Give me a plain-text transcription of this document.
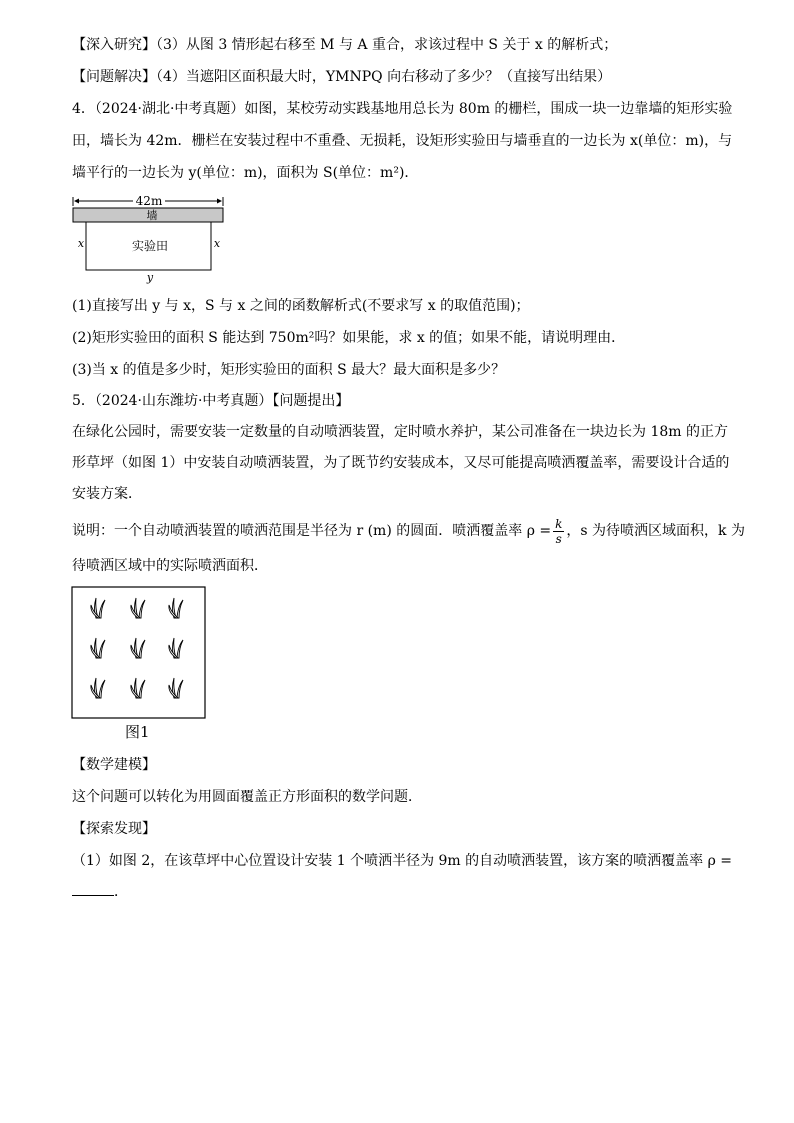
【深入研究】（3）从图 3 情形起右移至 M 与 A 重合，求该过程中 S 关于 x 的解析式；
【问题解决】（4）当遮阳区面积最大时，YMNPQ 向右移动了多少？（直接写出结果）
4．（2024·湖北·中考真题）如图，某校劳动实践基地用总长为 80m 的栅栏，围成一块一边靠墙的矩形实验
田，墙长为 42m．栅栏在安装过程中不重叠、无损耗，设矩形实验田与墙垂直的一边长为 x(单位：m)，与
墙平行的一边长为 y(单位：m)，面积为 S(单位：m²)．
42m
墙
实验田
x	x
y
(1)直接写出 y 与 x，S 与 x 之间的函数解析式(不要求写 x 的取值范围)；
(2)矩形实验田的面积 S 能达到 750m²吗？如果能，求 x 的值；如果不能，请说明理由．
(3)当 x 的值是多少时，矩形实验田的面积 S 最大？最大面积是多少？
5．（2024·山东潍坊·中考真题）【问题提出】
在绿化公园时，需要安装一定数量的自动喷洒装置，定时喷水养护，某公司准备在一块边长为 18m 的正方
形草坪（如图 1）中安装自动喷洒装置，为了既节约安装成本，又尽可能提高喷洒覆盖率，需要设计合适的
安装方案．
说明：一个自动喷洒装置的喷洒范围是半径为 r (m) 的圆面．喷洒覆盖率 $\rho = \frac{k}{s}$ ，s 为待喷洒区域面积，k 为
待喷洒区域中的实际喷洒面积．
图1
【数学建模】
这个问题可以转化为用圆面覆盖正方形面积的数学问题．
【探索发现】
（1）如图 2，在该草坪中心位置设计安装 1 个喷洒半径为 9m 的自动喷洒装置，该方案的喷洒覆盖率 ρ =
．
